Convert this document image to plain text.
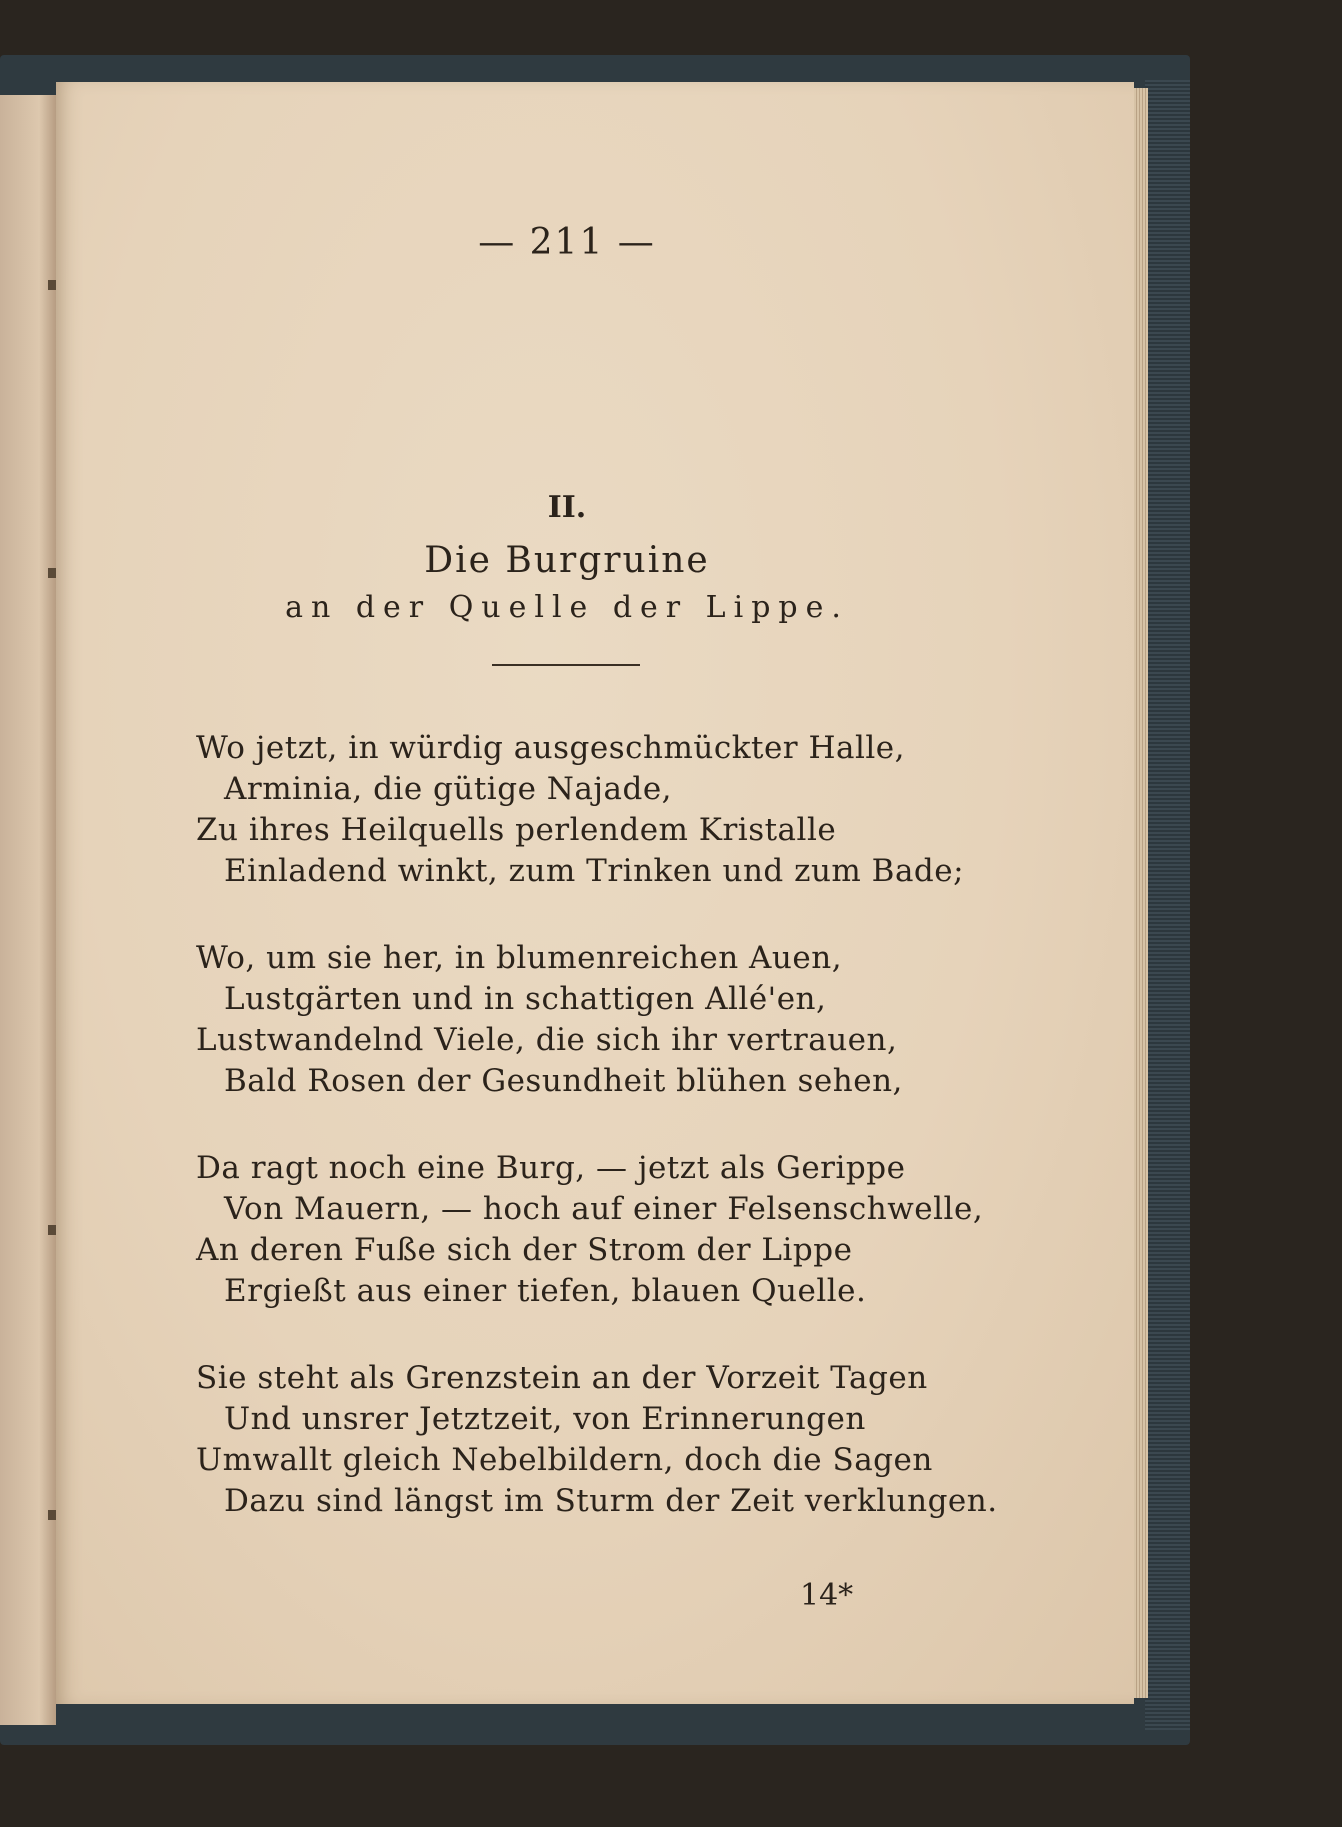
— 211 —
II.
Die Burgruine
an der Quelle der Lippe.
Wo jetzt, in würdig ausgeschmückter Halle,
Arminia, die gütige Najade,
Zu ihres Heilquells perlendem Kristalle
Einladend winkt, zum Trinken und zum Bade;
Wo, um sie her, in blumenreichen Auen,
Lustgärten und in schattigen Allé'en,
Lustwandelnd Viele, die sich ihr vertrauen,
Bald Rosen der Gesundheit blühen sehen,
Da ragt noch eine Burg, — jetzt als Gerippe
Von Mauern, — hoch auf einer Felsenschwelle,
An deren Fuße sich der Strom der Lippe
Ergießt aus einer tiefen, blauen Quelle.
Sie steht als Grenzstein an der Vorzeit Tagen
Und unsrer Jetztzeit, von Erinnerungen
Umwallt gleich Nebelbildern, doch die Sagen
Dazu sind längst im Sturm der Zeit verklungen.
14*
